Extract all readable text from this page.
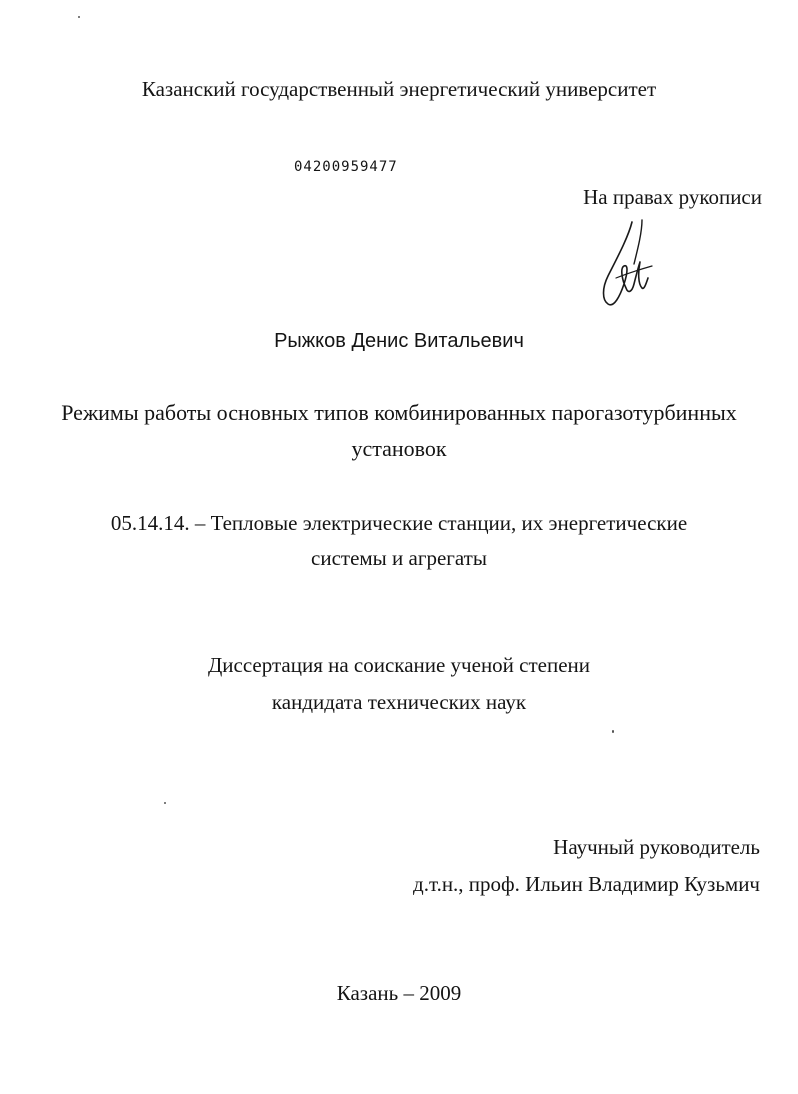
Казанский государственный энергетический университет
04200959477
На правах рукописи
Рыжков Денис Витальевич
Режимы работы основных типов комбинированных парогазотурбинных
установок
05.14.14. – Тепловые электрические станции, их энергетические
системы и агрегаты
Диссертация на соискание ученой степени
кандидата технических наук
Научный руководитель
д.т.н., проф. Ильин Владимир Кузьмич
Казань – 2009
